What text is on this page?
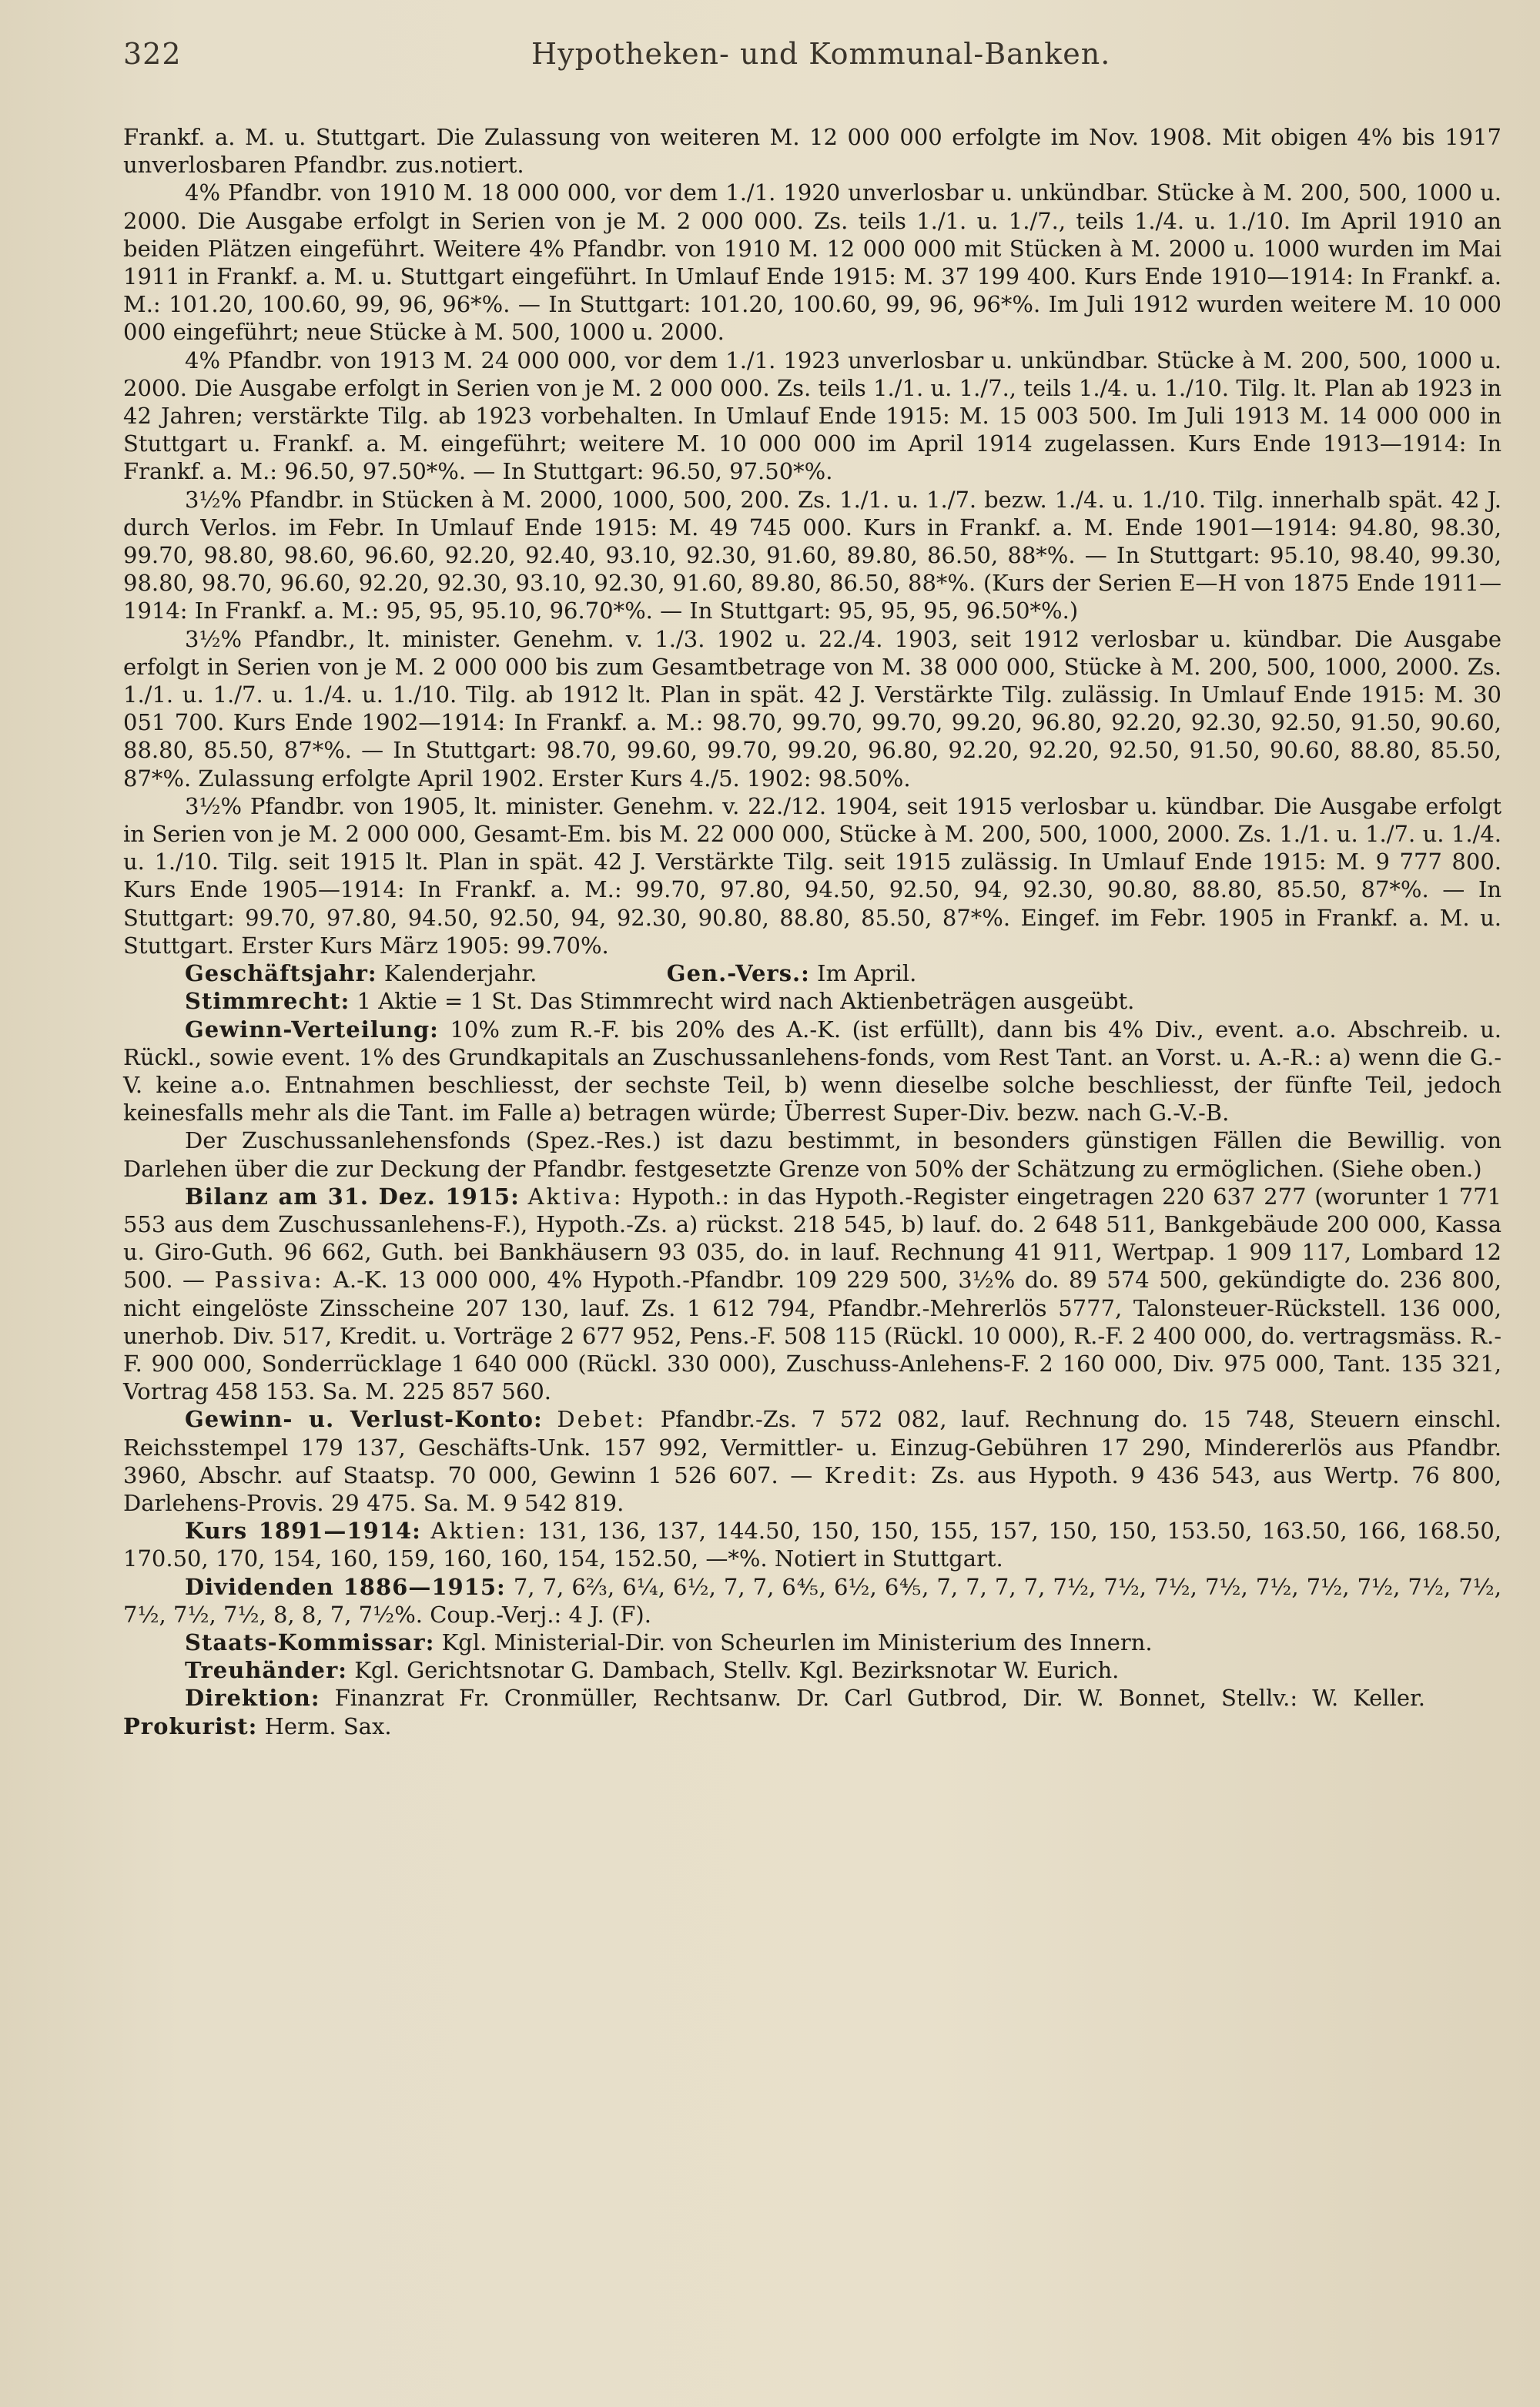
322	Hypotheken- und Kommunal-Banken.

Frankf. a. M. u. Stuttgart. Die Zulassung von weiteren M. 12 000 000 erfolgte im Nov. 1908. Mit obigen 4% bis 1917 unverlosbaren Pfandbr. zus.notiert.

4% Pfandbr. von 1910 M. 18 000 000, vor dem 1./1. 1920 unverlosbar u. unkündbar. Stücke à M. 200, 500, 1000 u. 2000. Die Ausgabe erfolgt in Serien von je M. 2 000 000. Zs. teils 1./1. u. 1./7., teils 1./4. u. 1./10. Im April 1910 an beiden Plätzen eingeführt. Weitere 4% Pfandbr. von 1910 M. 12 000 000 mit Stücken à M. 2000 u. 1000 wurden im Mai 1911 in Frankf. a. M. u. Stuttgart eingeführt. In Umlauf Ende 1915: M. 37 199 400. Kurs Ende 1910—1914: In Frankf. a. M.: 101.20, 100.60, 99, 96, 96*%. — In Stuttgart: 101.20, 100.60, 99, 96, 96*%. Im Juli 1912 wurden weitere M. 10 000 000 eingeführt; neue Stücke à M. 500, 1000 u. 2000.

4% Pfandbr. von 1913 M. 24 000 000, vor dem 1./1. 1923 unverlosbar u. unkündbar. Stücke à M. 200, 500, 1000 u. 2000. Die Ausgabe erfolgt in Serien von je M. 2 000 000. Zs. teils 1./1. u. 1./7., teils 1./4. u. 1./10. Tilg. lt. Plan ab 1923 in 42 Jahren; verstärkte Tilg. ab 1923 vorbehalten. In Umlauf Ende 1915: M. 15 003 500. Im Juli 1913 M. 14 000 000 in Stuttgart u. Frankf. a. M. eingeführt; weitere M. 10 000 000 im April 1914 zugelassen. Kurs Ende 1913—1914: In Frankf. a. M.: 96.50, 97.50*%. — In Stuttgart: 96.50, 97.50*%.

3½% Pfandbr. in Stücken à M. 2000, 1000, 500, 200. Zs. 1./1. u. 1./7. bezw. 1./4. u. 1./10. Tilg. innerhalb spät. 42 J. durch Verlos. im Febr. In Umlauf Ende 1915: M. 49 745 000. Kurs in Frankf. a. M. Ende 1901—1914: 94.80, 98.30, 99.70, 98.80, 98.60, 96.60, 92.20, 92.40, 93.10, 92.30, 91.60, 89.80, 86.50, 88*%. — In Stuttgart: 95.10, 98.40, 99.30, 98.80, 98.70, 96.60, 92.20, 92.30, 93.10, 92.30, 91.60, 89.80, 86.50, 88*%. (Kurs der Serien E—H von 1875 Ende 1911—1914: In Frankf. a. M.: 95, 95, 95.10, 96.70*%. — In Stuttgart: 95, 95, 95, 96.50*%.)

3½% Pfandbr., lt. minister. Genehm. v. 1./3. 1902 u. 22./4. 1903, seit 1912 verlosbar u. kündbar. Die Ausgabe erfolgt in Serien von je M. 2 000 000 bis zum Gesamtbetrage von M. 38 000 000, Stücke à M. 200, 500, 1000, 2000. Zs. 1./1. u. 1./7. u. 1./4. u. 1./10. Tilg. ab 1912 lt. Plan in spät. 42 J. Verstärkte Tilg. zulässig. In Umlauf Ende 1915: M. 30 051 700. Kurs Ende 1902—1914: In Frankf. a. M.: 98.70, 99.70, 99.70, 99.20, 96.80, 92.20, 92.30, 92.50, 91.50, 90.60, 88.80, 85.50, 87*%. — In Stuttgart: 98.70, 99.60, 99.70, 99.20, 96.80, 92.20, 92.20, 92.50, 91.50, 90.60, 88.80, 85.50, 87*%. Zulassung erfolgte April 1902. Erster Kurs 4./5. 1902: 98.50%.

3½% Pfandbr. von 1905, lt. minister. Genehm. v. 22./12. 1904, seit 1915 verlosbar u. kündbar. Die Ausgabe erfolgt in Serien von je M. 2 000 000, Gesamt-Em. bis M. 22 000 000, Stücke à M. 200, 500, 1000, 2000. Zs. 1./1. u. 1./7. u. 1./4. u. 1./10. Tilg. seit 1915 lt. Plan in spät. 42 J. Verstärkte Tilg. seit 1915 zulässig. In Umlauf Ende 1915: M. 9 777 800. Kurs Ende 1905—1914: In Frankf. a. M.: 99.70, 97.80, 94.50, 92.50, 94, 92.30, 90.80, 88.80, 85.50, 87*%. — In Stuttgart: 99.70, 97.80, 94.50, 92.50, 94, 92.30, 90.80, 88.80, 85.50, 87*%. Eingef. im Febr. 1905 in Frankf. a. M. u. Stuttgart. Erster Kurs März 1905: 99.70%.

Geschäftsjahr: Kalenderjahr.	Gen.-Vers.: Im April.

Stimmrecht: 1 Aktie = 1 St. Das Stimmrecht wird nach Aktienbeträgen ausgeübt.

Gewinn-Verteilung: 10% zum R.-F. bis 20% des A.-K. (ist erfüllt), dann bis 4% Div., event. a.o. Abschreib. u. Rückl., sowie event. 1% des Grundkapitals an Zuschussanlehens-fonds, vom Rest Tant. an Vorst. u. A.-R.: a) wenn die G.-V. keine a.o. Entnahmen beschliesst, der sechste Teil, b) wenn dieselbe solche beschliesst, der fünfte Teil, jedoch keinesfalls mehr als die Tant. im Falle a) betragen würde; Überrest Super-Div. bezw. nach G.-V.-B.

Der Zuschussanlehensfonds (Spez.-Res.) ist dazu bestimmt, in besonders günstigen Fällen die Bewillig. von Darlehen über die zur Deckung der Pfandbr. festgesetzte Grenze von 50% der Schätzung zu ermöglichen. (Siehe oben.)

Bilanz am 31. Dez. 1915: Aktiva: Hypoth.: in das Hypoth.-Register eingetragen 220 637 277 (worunter 1 771 553 aus dem Zuschussanlehens-F.), Hypoth.-Zs. a) rückst. 218 545, b) lauf. do. 2 648 511, Bankgebäude 200 000, Kassa u. Giro-Guth. 96 662, Guth. bei Bankhäusern 93 035, do. in lauf. Rechnung 41 911, Wertpap. 1 909 117, Lombard 12 500. — Passiva: A.-K. 13 000 000, 4% Hypoth.-Pfandbr. 109 229 500, 3½% do. 89 574 500, gekündigte do. 236 800, nicht eingelöste Zinsscheine 207 130, lauf. Zs. 1 612 794, Pfandbr.-Mehrerlös 5777, Talonsteuer-Rückstell. 136 000, unerhob. Div. 517, Kredit. u. Vorträge 2 677 952, Pens.-F. 508 115 (Rückl. 10 000), R.-F. 2 400 000, do. vertragsmäss. R.-F. 900 000, Sonderrücklage 1 640 000 (Rückl. 330 000), Zuschuss-Anlehens-F. 2 160 000, Div. 975 000, Tant. 135 321, Vortrag 458 153. Sa. M. 225 857 560.

Gewinn- u. Verlust-Konto: Debet: Pfandbr.-Zs. 7 572 082, lauf. Rechnung do. 15 748, Steuern einschl. Reichsstempel 179 137, Geschäfts-Unk. 157 992, Vermittler- u. Einzug-Gebühren 17 290, Mindererlös aus Pfandbr. 3960, Abschr. auf Staatsp. 70 000, Gewinn 1 526 607. — Kredit: Zs. aus Hypoth. 9 436 543, aus Wertp. 76 800, Darlehens-Provis. 29 475. Sa. M. 9 542 819.

Kurs 1891—1914: Aktien: 131, 136, 137, 144.50, 150, 150, 155, 157, 150, 150, 153.50, 163.50, 166, 168.50, 170.50, 170, 154, 160, 159, 160, 160, 154, 152.50, —*%. Notiert in Stuttgart.

Dividenden 1886—1915: 7, 7, 6⅔, 6¼, 6½, 7, 7, 6⅘, 6½, 6⅘, 7, 7, 7, 7, 7½, 7½, 7½, 7½, 7½, 7½, 7½, 7½, 7½, 7½, 7½, 7½, 8, 8, 7, 7½%. Coup.-Verj.: 4 J. (F).

Staats-Kommissar: Kgl. Ministerial-Dir. von Scheurlen im Ministerium des Innern.

Treuhänder: Kgl. Gerichtsnotar G. Dambach, Stellv. Kgl. Bezirksnotar W. Eurich.

Direktion: Finanzrat Fr. Cronmüller, Rechtsanw. Dr. Carl Gutbrod, Dir. W. Bonnet, Stellv.: W. Keller.  Prokurist: Herm. Sax.
